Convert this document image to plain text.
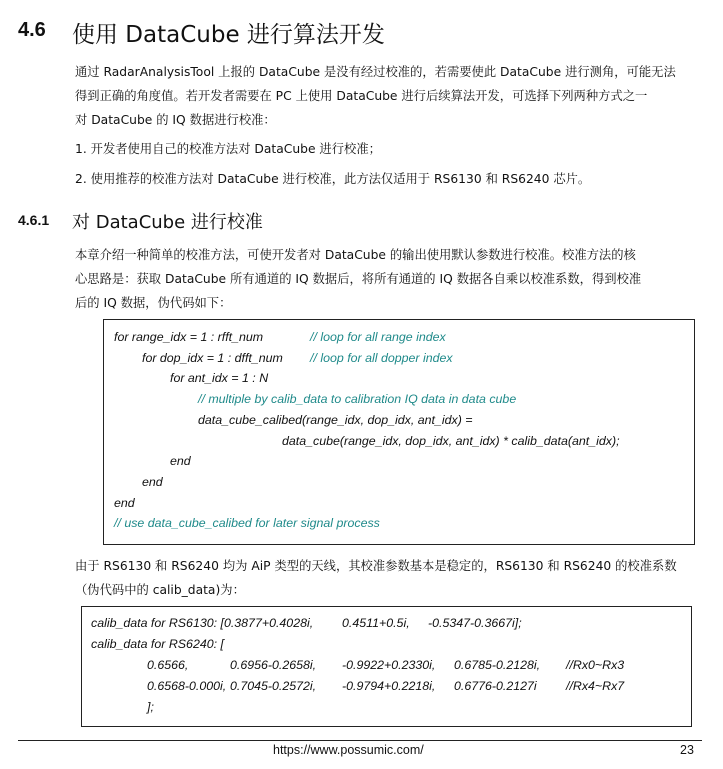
4.6 使用 DataCube 进行算法开发
通过 RadarAnalysisTool 上报的 DataCube 是没有经过校准的，若需要使此 DataCube 进行测角，可能无法
得到正确的角度值。若开发者需要在 PC 上使用 DataCube 进行后续算法开发，可选择下列两种方式之一
对 DataCube 的 IQ 数据进行校准：
1. 开发者使用自己的校准方法对 DataCube 进行校准；
2. 使用推荐的校准方法对 DataCube 进行校准，此方法仅适用于 RS6130 和 RS6240 芯片。
4.6.1 对 DataCube 进行校准
本章介绍一种简单的校准方法，可使开发者对 DataCube 的输出使用默认参数进行校准。校准方法的核
心思路是：获取 DataCube 所有通道的 IQ 数据后，将所有通道的 IQ 数据各自乘以校准系数，得到校准
后的 IQ 数据，伪代码如下：
for range_idx = 1 : rfft_num	// loop for all range index
for dop_idx = 1 : dfft_num // loop for all dopper index
for ant_idx = 1 : N
// multiple by calib_data to calibration IQ data in data cube
data_cube_calibed(range_idx, dop_idx, ant_idx) =
data_cube(range_idx, dop_idx, ant_idx) * calib_data(ant_idx);
end
end
end
// use data_cube_calibed for later signal process
由于 RS6130 和 RS6240 均为 AiP 类型的天线，其校准参数基本是稳定的，RS6130 和 RS6240 的校准系数
（伪代码中的 calib_data)为：
calib_data for RS6130: [0.3877+0.4028i, 0.4511+0.5i, -0.5347-0.3667i];
calib_data for RS6240: [
0.6566,	0.6956-0.2658i, -0.9922+0.2330i, 0.6785-0.2128i, //Rx0~Rx3
0.6568-0.000i, 0.7045-0.2572i, -0.9794+0.2218i, 0.6776-0.2127i //Rx4~Rx7
];
https://www.possumic.com/	23
